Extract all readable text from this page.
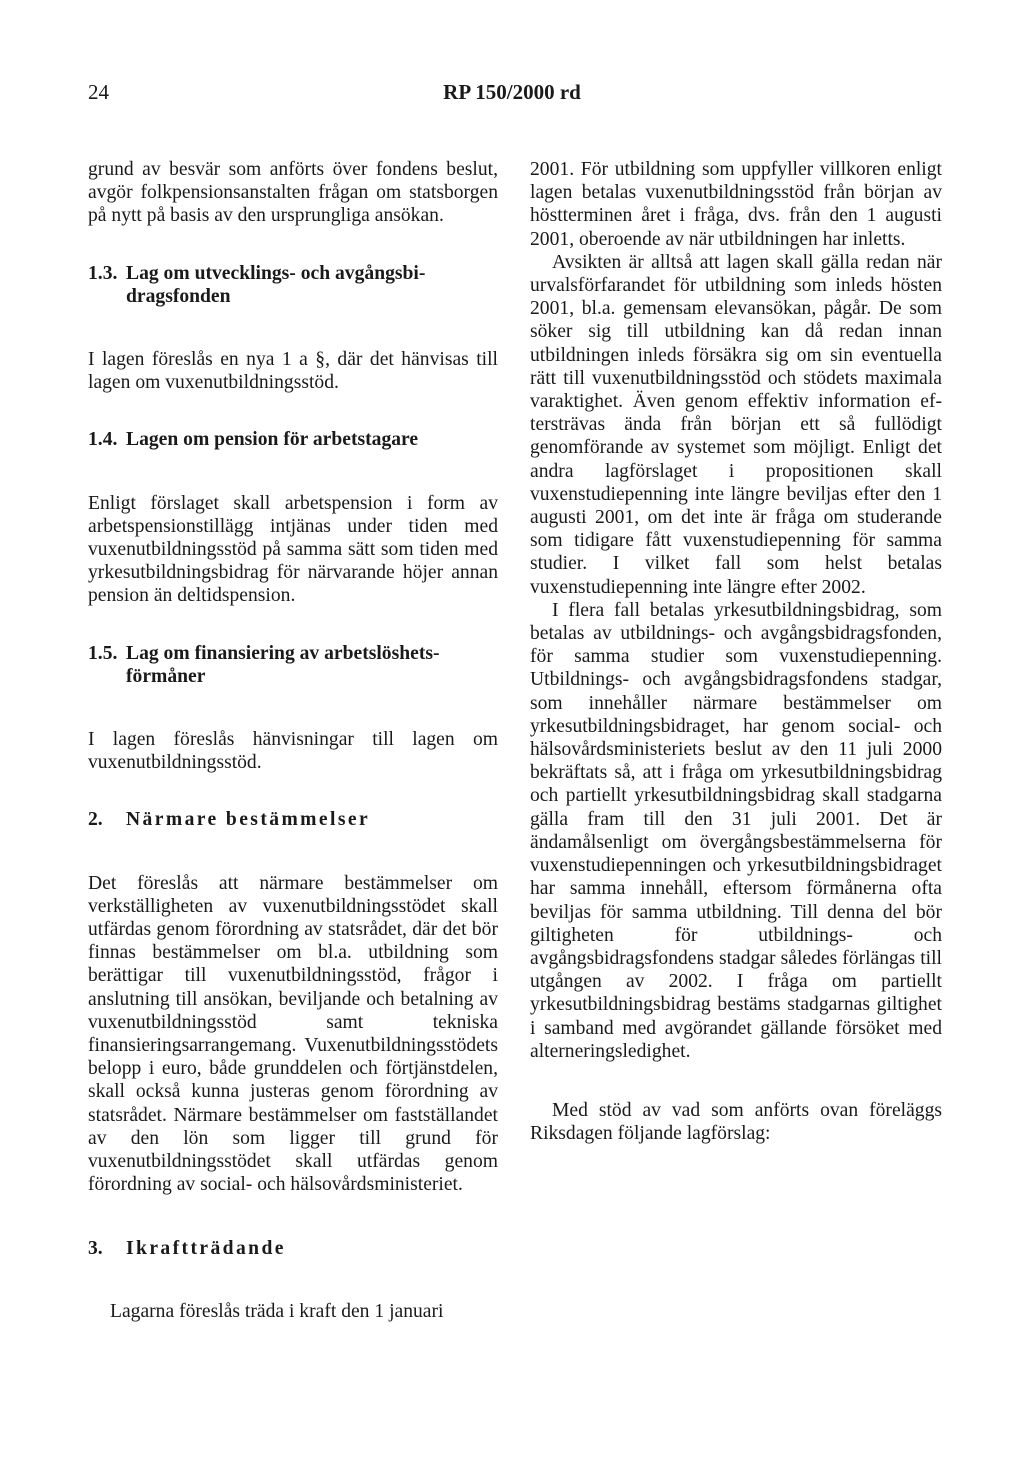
24	RP 150/2000 rd

grund av besvär som anförts över fondens beslut, avgör folkpensionsanstalten frågan om statsborgen på nytt på basis av den ursprungliga ansökan.

1.3. Lag om utvecklings- och avgångsbidragsfonden

I lagen föreslås en nya 1 a §, där det hänvisas till lagen om vuxenutbildningsstöd.

1.4. Lagen om pension för arbetstagare

Enligt förslaget skall arbetspension i form av arbetspensionstillägg intjänas under tiden med vuxenutbildningsstöd på samma sätt som tiden med yrkesutbildningsbidrag för närvarande höjer annan pension än deltidspension.

1.5. Lag om finansiering av arbetslöshetsförmåner

I lagen föreslås hänvisningar till lagen om vuxenutbildningsstöd.

2.	Närmare bestämmelser

Det föreslås att närmare bestämmelser om verkställigheten av vuxenutbildningsstödet skall utfärdas genom förordning av statsrådet, där det bör finnas bestämmelser om bl.a. utbildning som berättigar till vuxenutbildningsstöd, frågor i anslutning till ansökan, beviljande och betalning av vuxenutbildningsstöd samt tekniska finansieringsarrangemang. Vuxenutbildningsstödets belopp i euro, både grunddelen och förtjänstdelen, skall också kunna justeras genom förordning av statsrådet. Närmare bestämmelser om fastställandet av den lön som ligger till grund för vuxenutbildningsstödet skall utfärdas genom förordning av social- och hälsovårdsministeriet.

3.	Ikraftträdande

Lagarna föreslås träda i kraft den 1 januari

2001. För utbildning som uppfyller villkoren enligt lagen betalas vuxenutbildningsstöd från början av höstterminen året i fråga, dvs. från den 1 augusti 2001, oberoende av när utbildningen har inletts.

Avsikten är alltså att lagen skall gälla redan när urvalsförfarandet för utbildning som inleds hösten 2001, bl.a. gemensam elevansökan, pågår. De som söker sig till utbildning kan då redan innan utbildningen inleds försäkra sig om sin eventuella rätt till vuxenutbildningsstöd och stödets maximala varaktighet. Även genom effektiv information eftersträvas ända från början ett så fullödigt genomförande av systemet som möjligt. Enligt det andra lagförslaget i propositionen skall vuxenstudiepenning inte längre beviljas efter den 1 augusti 2001, om det inte är fråga om studerande som tidigare fått vuxenstudiepenning för samma studier. I vilket fall som helst betalas vuxenstudiepenning inte längre efter 2002.

I flera fall betalas yrkesutbildningsbidrag, som betalas av utbildnings- och avgångsbidragsfonden, för samma studier som vuxenstudiepenning. Utbildnings- och avgångsbidragsfondens stadgar, som innehåller närmare bestämmelser om yrkesutbildningsbidraget, har genom social- och hälsovårdsministeriets beslut av den 11 juli 2000 bekräftats så, att i fråga om yrkesutbildningsbidrag och partiellt yrkesutbildningsbidrag skall stadgarna gälla fram till den 31 juli 2001. Det är ändamålsenligt om övergångsbestämmelserna för vuxenstudiepenningen och yrkesutbildningsbidraget har samma innehåll, eftersom förmånerna ofta beviljas för samma utbildning. Till denna del bör giltigheten för utbildnings- och avgångsbidragsfondens stadgar således förlängas till utgången av 2002. I fråga om partiellt yrkesutbildningsbidrag bestäms stadgarnas giltighet i samband med avgörandet gällande försöket med alterneringsledighet.

Med stöd av vad som anförts ovan föreläggs Riksdagen följande lagförslag:
